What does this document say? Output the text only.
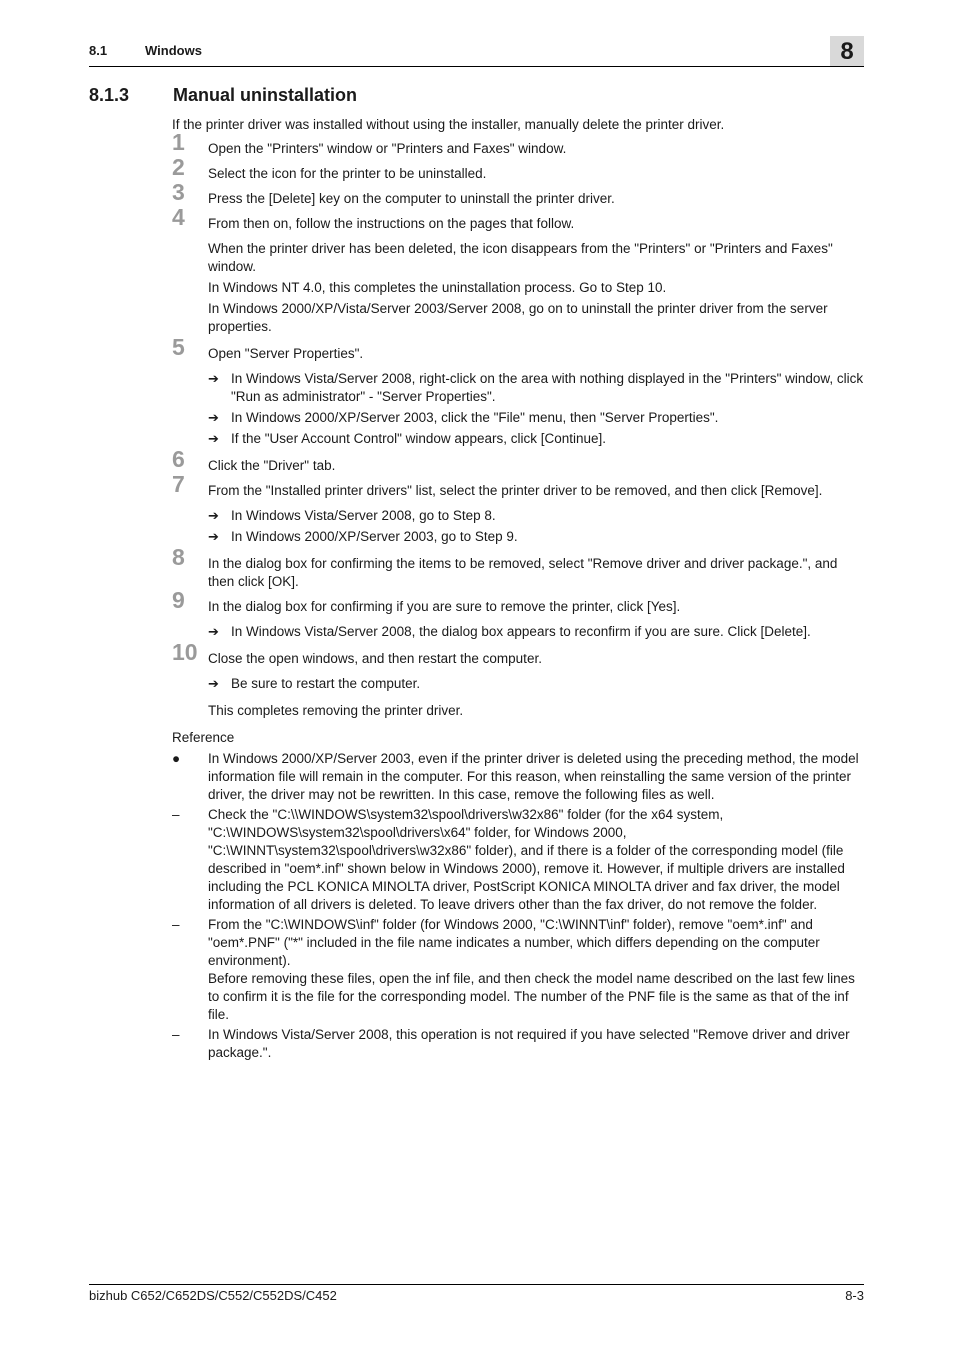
8.1	Windows	8
8.1.3 Manual uninstallation

If the printer driver was installed without using the installer, manually delete the printer driver.

1 Open the "Printers" window or "Printers and Faxes" window.

2 Select the icon for the printer to be uninstalled.

3 Press the [Delete] key on the computer to uninstall the printer driver.

4 From then on, follow the instructions on the pages that follow.

When the printer driver has been deleted, the icon disappears from the "Printers" or "Printers and Faxes" window.

In Windows NT 4.0, this completes the uninstallation process. Go to Step 10.

In Windows 2000/XP/Vista/Server 2003/Server 2008, go on to uninstall the printer driver from the server properties.

5 Open "Server Properties".

➔ In Windows Vista/Server 2008, right-click on the area with nothing displayed in the "Printers" window, click "Run as administrator" - "Server Properties".

➔ In Windows 2000/XP/Server 2003, click the "File" menu, then "Server Properties".

➔ If the "User Account Control" window appears, click [Continue].

6 Click the "Driver" tab.

7 From the "Installed printer drivers" list, select the printer driver to be removed, and then click [Remove].

➔ In Windows Vista/Server 2008, go to Step 8.

➔ In Windows 2000/XP/Server 2003, go to Step 9.

8 In the dialog box for confirming the items to be removed, select "Remove driver and driver package.", and then click [OK].

9 In the dialog box for confirming if you are sure to remove the printer, click [Yes].

➔ In Windows Vista/Server 2008, the dialog box appears to reconfirm if you are sure. Click [Delete].

10 Close the open windows, and then restart the computer.

➔ Be sure to restart the computer.

This completes removing the printer driver.

Reference

● In Windows 2000/XP/Server 2003, even if the printer driver is deleted using the preceding method, the model information file will remain in the computer. For this reason, when reinstalling the same version of the printer driver, the driver may not be rewritten. In this case, remove the following files as well.
– Check the "C:\\WINDOWS\system32\spool\drivers\w32x86" folder (for the x64 system, "C:\WINDOWS\system32\spool\drivers\x64" folder, for Windows 2000, "C:\WINNT\system32\spool\drivers\w32x86" folder), and if there is a folder of the corresponding model (file described in "oem*.inf" shown below in Windows 2000), remove it. However, if multiple drivers are installed including the PCL KONICA MINOLTA driver, PostScript KONICA MINOLTA driver and fax driver, the model information of all drivers is deleted. To leave drivers other than the fax driver, do not remove the folder.
– From the "C:\WINDOWS\inf" folder (for Windows 2000, "C:\WINNT\inf" folder), remove "oem*.inf" and "oem*.PNF" ("*" included in the file name indicates a number, which differs depending on the computer environment).
Before removing these files, open the inf file, and then check the model name described on the last few lines to confirm it is the file for the corresponding model. The number of the PNF file is the same as that of the inf file.
– In Windows Vista/Server 2008, this operation is not required if you have selected "Remove driver and driver package.".
bizhub C652/C652DS/C552/C552DS/C452	8-3
